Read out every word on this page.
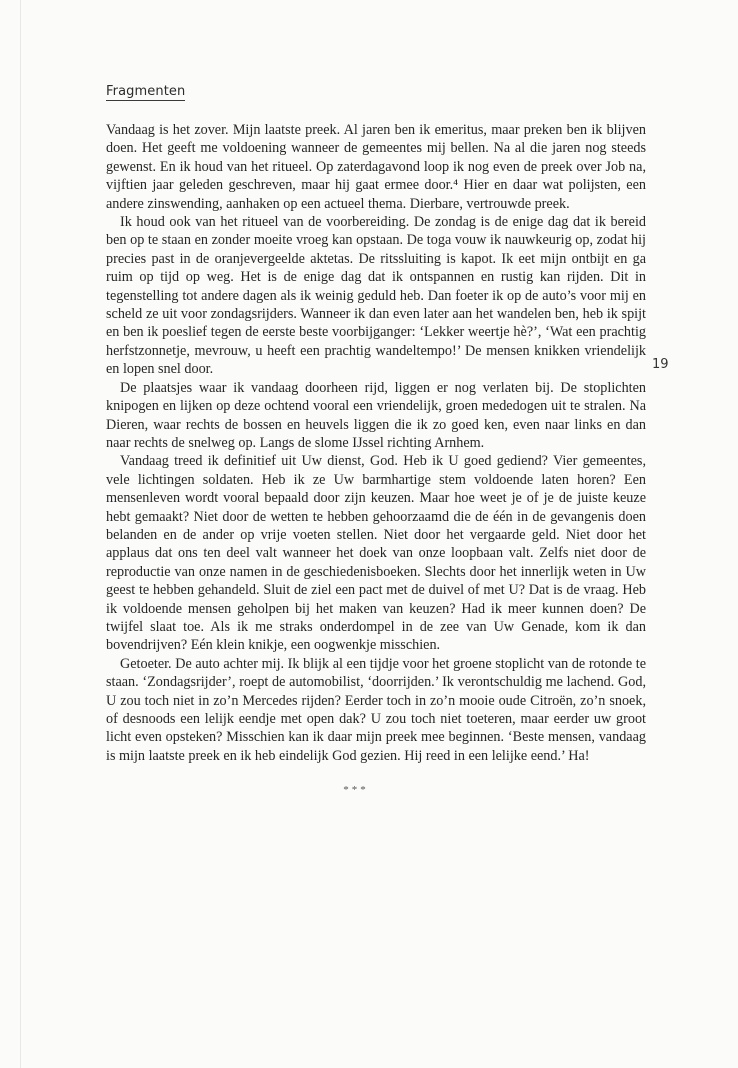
Fragmenten

Vandaag is het zover. Mijn laatste preek. Al jaren ben ik emeritus, maar preken ben ik blijven doen. Het geeft me voldoening wanneer de gemeentes mij bellen. Na al die jaren nog steeds gewenst. En ik houd van het ritueel. Op zaterdagavond loop ik nog even de preek over Job na, vijftien jaar geleden geschreven, maar hij gaat ermee door.⁴ Hier en daar wat polijsten, een andere zinswending, aanhaken op een actueel thema. Dierbare, vertrouwde preek.

Ik houd ook van het ritueel van de voorbereiding. De zondag is de enige dag dat ik bereid ben op te staan en zonder moeite vroeg kan opstaan. De toga vouw ik nauwkeurig op, zodat hij precies past in de oranjevergeelde aktetas. De ritssluiting is kapot. Ik eet mijn ontbijt en ga ruim op tijd op weg. Het is de enige dag dat ik ontspannen en rustig kan rijden. Dit in tegenstelling tot andere dagen als ik weinig geduld heb. Dan foeter ik op de auto’s voor mij en scheld ze uit voor zondagsrijders. Wanneer ik dan even later aan het wandelen ben, heb ik spijt en ben ik poeslief tegen de eerste beste voorbijganger: ‘Lekker weertje hè?’, ‘Wat een prachtig herfstzonnetje, mevrouw, u heeft een prachtig wandeltempo!’ De mensen knikken vriendelijk en lopen snel door.

De plaatsjes waar ik vandaag doorheen rijd, liggen er nog verlaten bij. De stoplichten knipogen en lijken op deze ochtend vooral een vriendelijk, groen mededogen uit te stralen. Na Dieren, waar rechts de bossen en heuvels liggen die ik zo goed ken, even naar links en dan naar rechts de snelweg op. Langs de slome IJssel richting Arnhem.

Vandaag treed ik definitief uit Uw dienst, God. Heb ik U goed gediend? Vier gemeentes, vele lichtingen soldaten. Heb ik ze Uw barmhartige stem voldoende laten horen? Een mensenleven wordt vooral bepaald door zijn keuzen. Maar hoe weet je of je de juiste keuze hebt gemaakt? Niet door de wetten te hebben gehoorzaamd die de één in de gevangenis doen belanden en de ander op vrije voeten stellen. Niet door het vergaarde geld. Niet door het applaus dat ons ten deel valt wanneer het doek van onze loopbaan valt. Zelfs niet door de reproductie van onze namen in de geschiedenisboeken. Slechts door het innerlijk weten in Uw geest te hebben gehandeld. Sluit de ziel een pact met de duivel of met U? Dat is de vraag. Heb ik voldoende mensen geholpen bij het maken van keuzen? Had ik meer kunnen doen? De twijfel slaat toe. Als ik me straks onderdompel in de zee van Uw Genade, kom ik dan bovendrijven? Eén klein knikje, een oogwenkje misschien.

Getoeter. De auto achter mij. Ik blijk al een tijdje voor het groene stoplicht van de rotonde te staan. ‘Zondagsrijder’, roept de automobilist, ‘doorrijden.’ Ik verontschuldig me lachend. God, U zou toch niet in zo’n Mercedes rijden? Eerder toch in zo’n mooie oude Citroën, zo’n snoek, of desnoods een lelijk eendje met open dak? U zou toch niet toeteren, maar eerder uw groot licht even opsteken? Misschien kan ik daar mijn preek mee beginnen. ‘Beste mensen, vandaag is mijn laatste preek en ik heb eindelijk God gezien. Hij reed in een lelijke eend.’ Ha!

***
19
